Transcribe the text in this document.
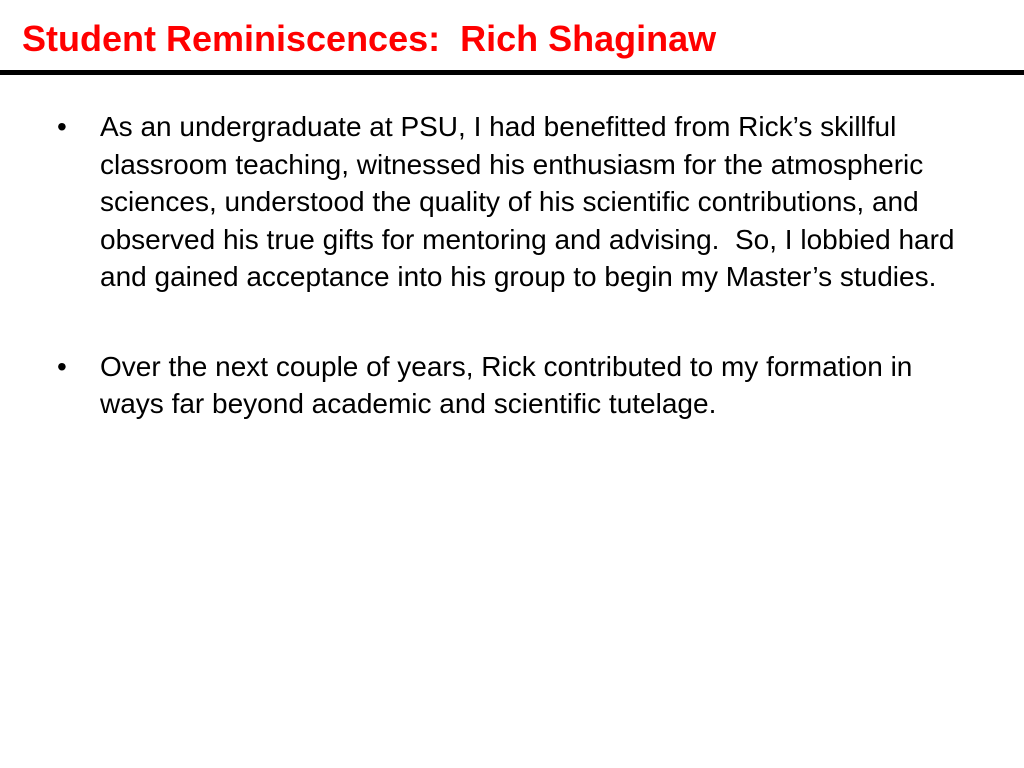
Student Reminiscences:  Rich Shaginaw
• As an undergraduate at PSU, I had benefitted from Rick’s skillful classroom teaching, witnessed his enthusiasm for the atmospheric sciences, understood the quality of his scientific contributions, and observed his true gifts for mentoring and advising.  So, I lobbied hard and gained acceptance into his group to begin my Master’s studies.
• Over the next couple of years, Rick contributed to my formation in ways far beyond academic and scientific tutelage.
